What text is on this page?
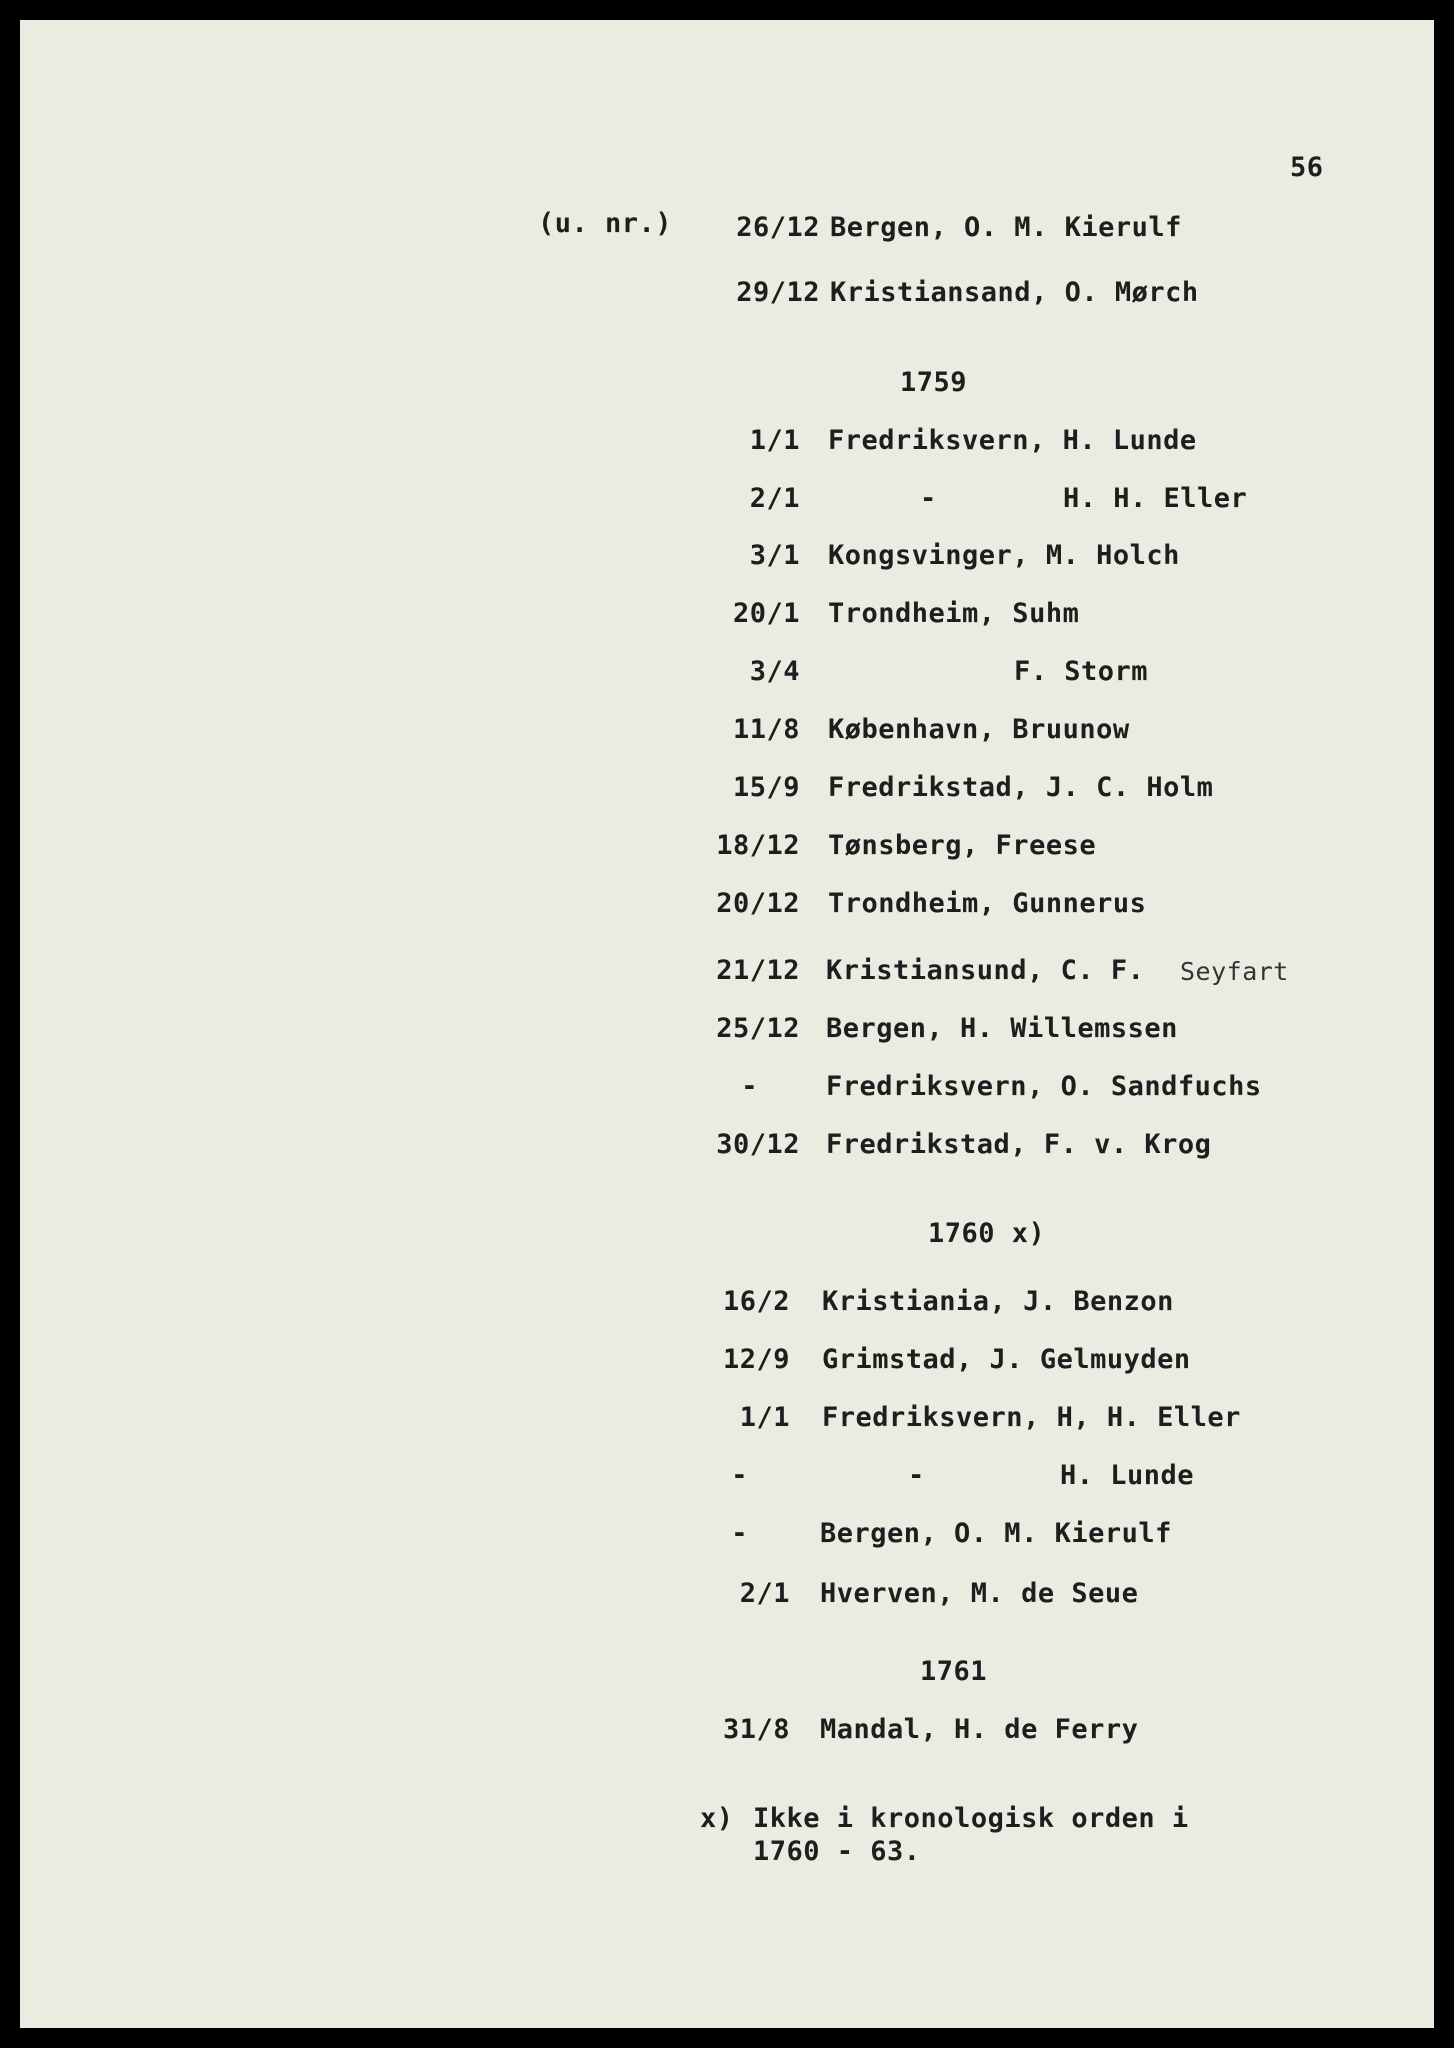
56
(u. nr.)	26/12 Bergen, O. M. Kierulf
29/12 Kristiansand, O. Mørch
1759
1/1 Fredriksvern, H. Lunde
2/1	-	H. H. Eller
3/1 Kongsvinger, M. Holch
20/1 Trondheim, Suhm
3/4	F. Storm
11/8 København, Bruunow
15/9 Fredrikstad, J. C. Holm
18/12 Tønsberg, Freese
20/12 Trondheim, Gunnerus
21/12 Kristiansund, C. F. Seyfart
25/12 Bergen, H. Willemssen
-	Fredriksvern, O. Sandfuchs
30/12 Fredrikstad, F. v. Krog
1760 x)
16/2 Kristiania, J. Benzon
12/9 Grimstad, J. Gelmuyden
1/1 Fredriksvern, H, H. Eller
-	-	H. Lunde
-	Bergen, O. M. Kierulf
2/1 Hverven, M. de Seue
1761
31/8 Mandal, H. de Ferry
x) Ikke i kronologisk orden i
1760 - 63.
